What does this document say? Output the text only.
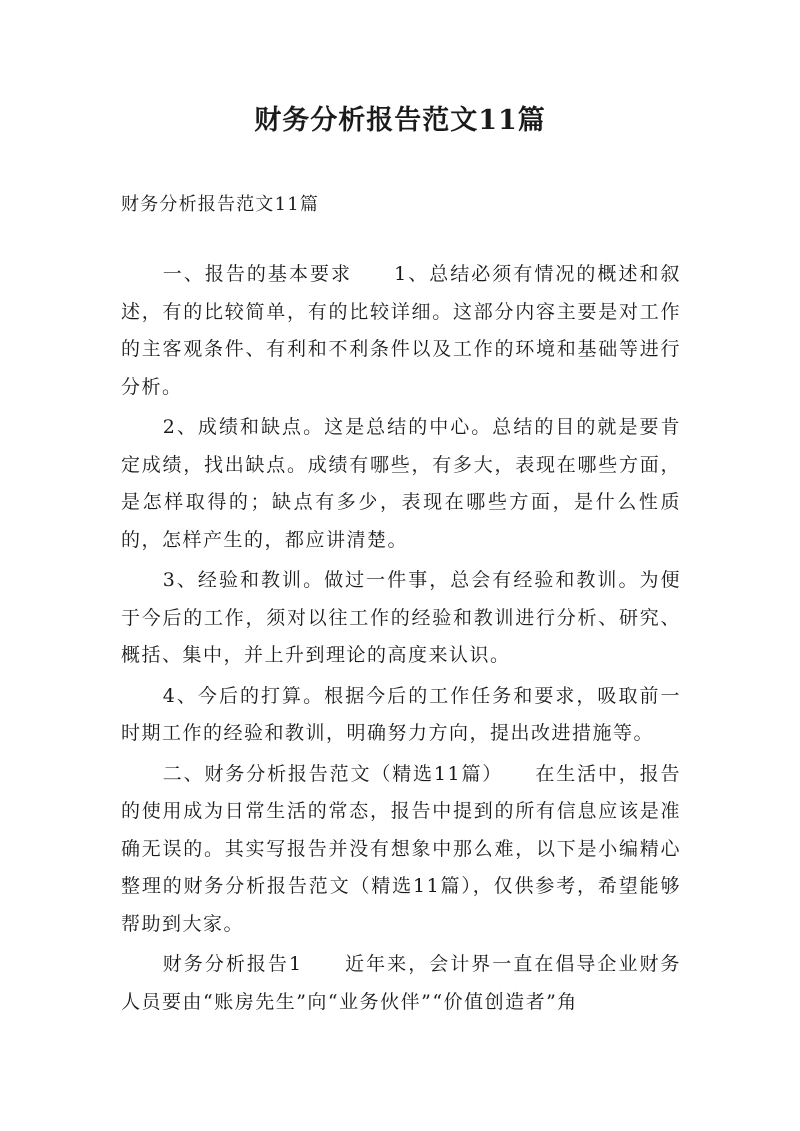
财务分析报告范文11篇

财务分析报告范文11篇

一、报告的基本要求　　1、总结必须有情况的概述和叙述，有的比较简单，有的比较详细。这部分内容主要是对工作的主客观条件、有利和不利条件以及工作的环境和基础等进行分析。

2、成绩和缺点。这是总结的中心。总结的目的就是要肯定成绩，找出缺点。成绩有哪些，有多大，表现在哪些方面，是怎样取得的；缺点有多少，表现在哪些方面，是什么性质的，怎样产生的，都应讲清楚。

3、经验和教训。做过一件事，总会有经验和教训。为便于今后的工作，须对以往工作的经验和教训进行分析、研究、概括、集中，并上升到理论的高度来认识。

4、今后的打算。根据今后的工作任务和要求，吸取前一时期工作的经验和教训，明确努力方向，提出改进措施等。

二、财务分析报告范文（精选11篇）　　在生活中，报告的使用成为日常生活的常态，报告中提到的所有信息应该是准确无误的。其实写报告并没有想象中那么难，以下是小编精心整理的财务分析报告范文（精选11篇），仅供参考，希望能够帮助到大家。

财务分析报告1　　近年来，会计界一直在倡导企业财务人员要由“账房先生”向“业务伙伴”“价值创造者”角
